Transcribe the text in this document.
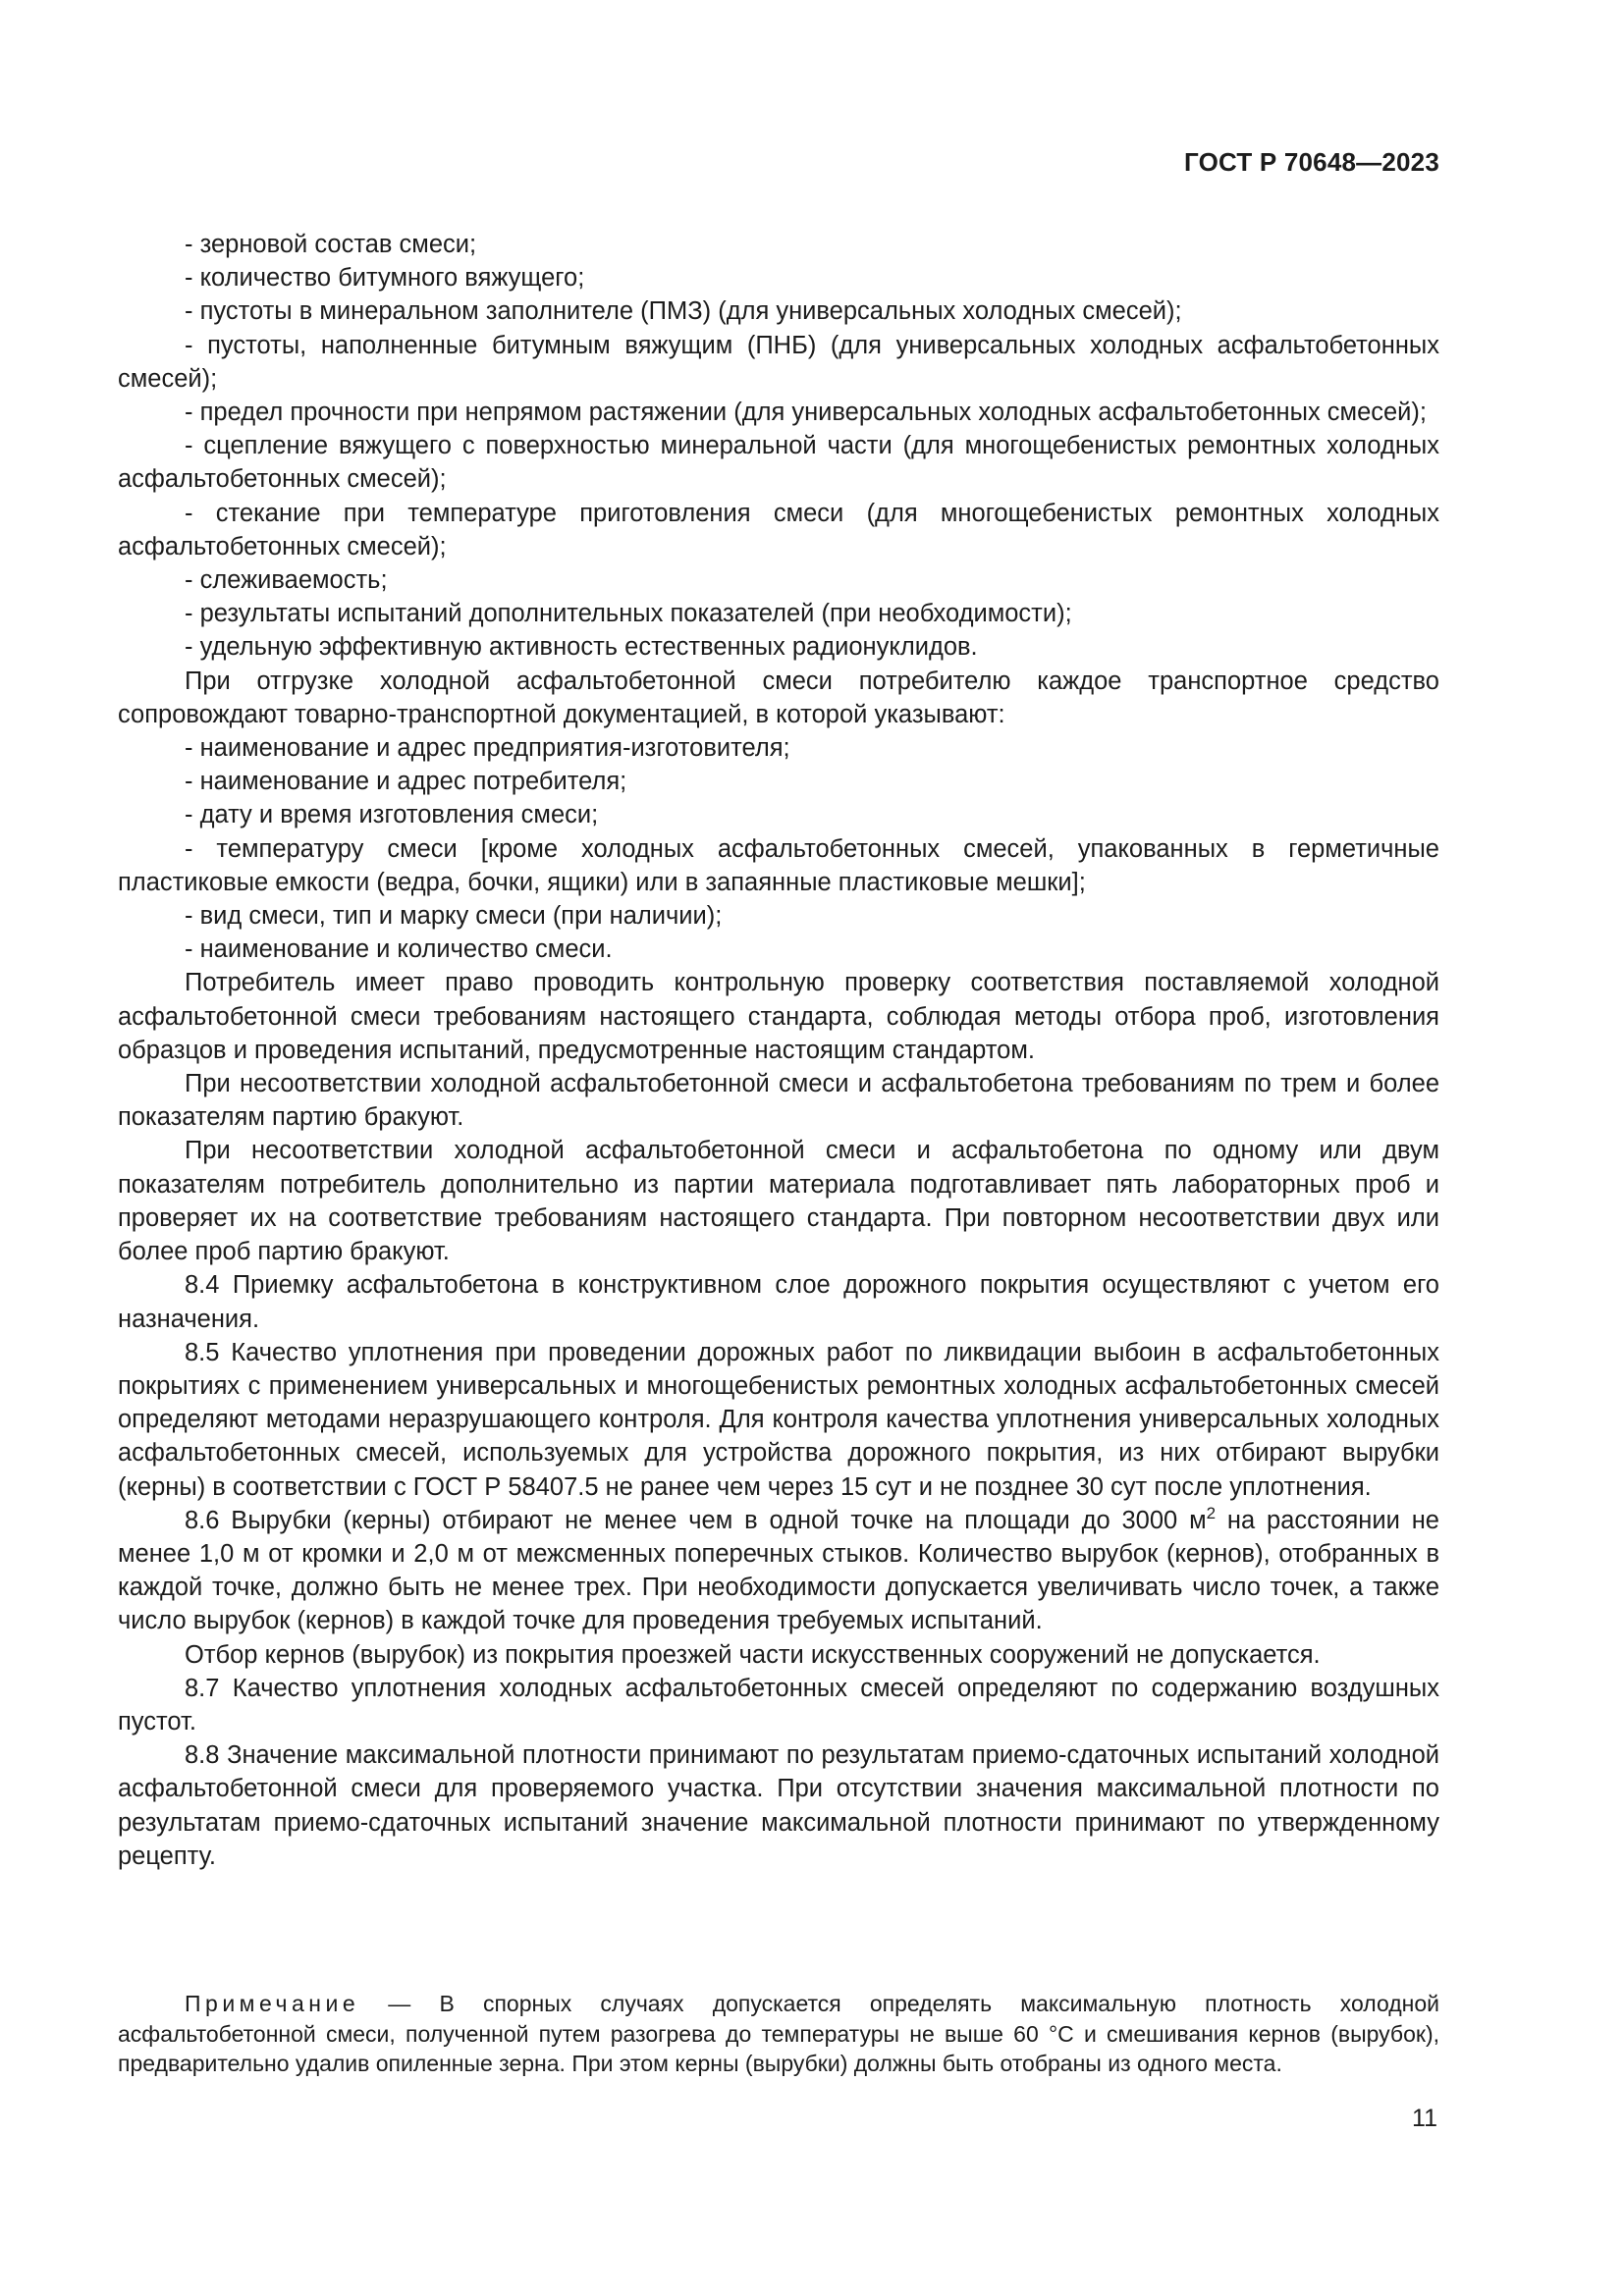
ГОСТ Р 70648—2023

- зерновой состав смеси;

- количество битумного вяжущего;

- пустоты в минеральном заполнителе (ПМЗ) (для универсальных холодных смесей);

- пустоты, наполненные битумным вяжущим (ПНБ) (для универсальных холодных асфальтобетонных смесей);

- предел прочности при непрямом растяжении (для универсальных холодных асфальтобетонных смесей);

- сцепление вяжущего с поверхностью минеральной части (для многощебенистых ремонтных холодных асфальтобетонных смесей);

- стекание при температуре приготовления смеси (для многощебенистых ремонтных холодных асфальтобетонных смесей);

- слеживаемость;

- результаты испытаний дополнительных показателей (при необходимости);

- удельную эффективную активность естественных радионуклидов.

При отгрузке холодной асфальтобетонной смеси потребителю каждое транспортное средство сопровождают товарно-транспортной документацией, в которой указывают:

- наименование и адрес предприятия-изготовителя;

- наименование и адрес потребителя;

- дату и время изготовления смеси;

- температуру смеси [кроме холодных асфальтобетонных смесей, упакованных в герметичные пластиковые емкости (ведра, бочки, ящики) или в запаянные пластиковые мешки];

- вид смеси, тип и марку смеси (при наличии);

- наименование и количество смеси.

Потребитель имеет право проводить контрольную проверку соответствия поставляемой холодной асфальтобетонной смеси требованиям настоящего стандарта, соблюдая методы отбора проб, изготовления образцов и проведения испытаний, предусмотренные настоящим стандартом.

При несоответствии холодной асфальтобетонной смеси и асфальтобетона требованиям по трем и более показателям партию бракуют.

При несоответствии холодной асфальтобетонной смеси и асфальтобетона по одному или двум показателям потребитель дополнительно из партии материала подготавливает пять лабораторных проб и проверяет их на соответствие требованиям настоящего стандарта. При повторном несоответствии двух или более проб партию бракуют.

8.4 Приемку асфальтобетона в конструктивном слое дорожного покрытия осуществляют с учетом его назначения.

8.5 Качество уплотнения при проведении дорожных работ по ликвидации выбоин в асфальтобетонных покрытиях с применением универсальных и многощебенистых ремонтных холодных асфальтобетонных смесей определяют методами неразрушающего контроля. Для контроля качества уплотнения универсальных холодных асфальтобетонных смесей, используемых для устройства дорожного покрытия, из них отбирают вырубки (керны) в соответствии с ГОСТ Р 58407.5 не ранее чем через 15 сут и не позднее 30 сут после уплотнения.

8.6 Вырубки (керны) отбирают не менее чем в одной точке на площади до 3000 $м^2$ на расстоянии не менее 1,0 м от кромки и 2,0 м от межсменных поперечных стыков. Количество вырубок (кернов), отобранных в каждой точке, должно быть не менее трех. При необходимости допускается увеличивать число точек, а также число вырубок (кернов) в каждой точке для проведения требуемых испытаний.

Отбор кернов (вырубок) из покрытия проезжей части искусственных сооружений не допускается.

8.7 Качество уплотнения холодных асфальтобетонных смесей определяют по содержанию воздушных пустот.

8.8 Значение максимальной плотности принимают по результатам приемо-сдаточных испытаний холодной асфальтобетонной смеси для проверяемого участка. При отсутствии значения максимальной плотности по результатам приемо-сдаточных испытаний значение максимальной плотности принимают по утвержденному рецепту.

Примечание — В спорных случаях допускается определять максимальную плотность холодной асфальтобетонной смеси, полученной путем разогрева до температуры не выше 60 °С и смешивания кернов (вырубок), предварительно удалив опиленные зерна. При этом керны (вырубки) должны быть отобраны из одного места.

11
